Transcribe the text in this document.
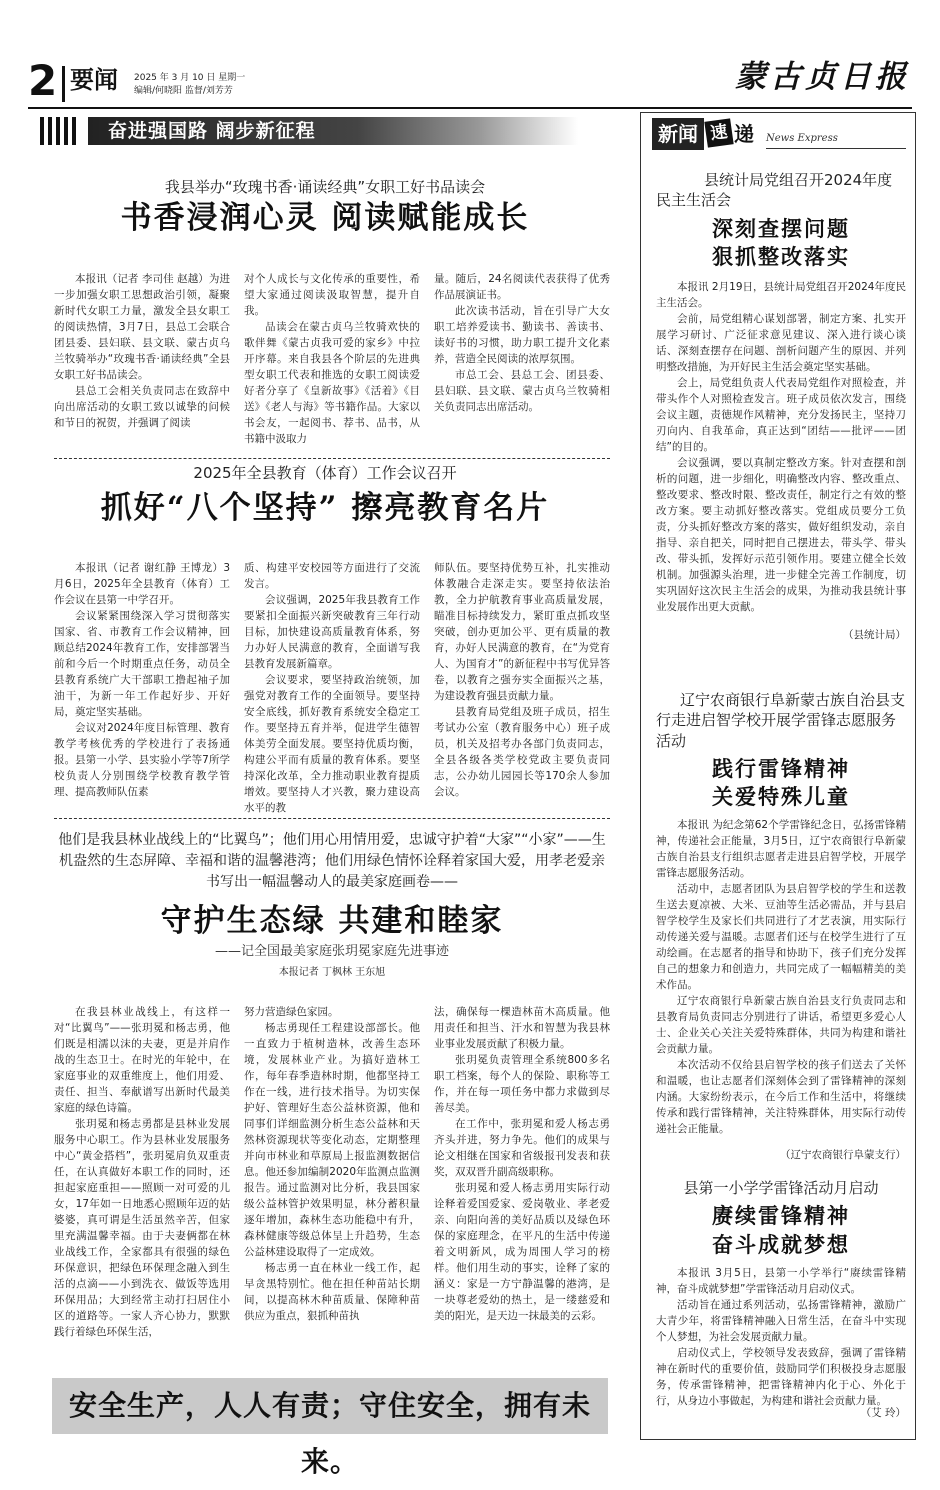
2 要闻 2025 年 3 月 10 日 星期一
编辑/何晓阳 监督/刘芳芳	蒙古贞日报
奋进强国路 阔步新征程
我县举办“玫瑰书香·诵读经典”女职工好书品读会
书香浸润心灵 阅读赋能成长

本报讯（记者 李司佳 赵越）为进一步加强女职工思想政治引领，凝聚新时代女职工力量，激发全县女职工的阅读热情，3月7日，县总工会联合团县委、县妇联、县文联、蒙古贞乌兰牧骑举办“玫瑰书香·诵读经典”全县女职工好书品读会。

县总工会相关负责同志在致辞中向出席活动的女职工致以诚挚的问候和节日的祝贺，并强调了阅读

对个人成长与文化传承的重要性，希望大家通过阅读汲取智慧，提升自我。

品读会在蒙古贞乌兰牧骑欢快的歌伴舞《蒙古贞我可爱的家乡》中拉开序幕。来自我县各个阶层的先进典型女职工代表和推选的女职工阅读爱好者分享了《皇新故事》《活着》《目送》《老人与海》等书籍作品。大家以书会友，一起阅书、荐书、品书，从书籍中汲取力

量。随后，24名阅读代表获得了优秀作品展演证书。

此次读书活动，旨在引导广大女职工培养爱读书、勤读书、善读书、读好书的习惯，助力职工提升文化素养，营造全民阅读的浓厚氛围。

市总工会、县总工会、团县委、县妇联、县文联、蒙古贞乌兰牧骑相关负责同志出席活动。

2025年全县教育（体育）工作会议召开
抓好“八个坚持” 擦亮教育名片

本报讯（记者 谢红静 王博龙）3月6日，2025年全县教育（体育）工作会议在县第一中学召开。

会议紧紧围绕深入学习贯彻落实国家、省、市教育工作会议精神，回顾总结2024年教育工作，安排部署当前和今后一个时期重点任务，动员全县教育系统广大干部职工撸起袖子加油干，为新一年工作起好步、开好局，奠定坚实基础。

会议对2024年度目标管理、教育教学考核优秀的学校进行了表扬通报。县第一小学、县实验小学等7所学校负责人分别围绕学校教育教学管理、提高教师队伍素

质、构建平安校园等方面进行了交流发言。

会议强调，2025年我县教育工作要紧扣全面振兴新突破教育三年行动目标，加快建设高质量教育体系，努力办好人民满意的教育，全面谱写我县教育发展新篇章。

会议要求，要坚持政治统领，加强党对教育工作的全面领导。要坚持安全底线，抓好教育系统安全稳定工作。要坚持五育并举，促进学生德智体美劳全面发展。要坚持优质均衡，构建公平而有质量的教育体系。要坚持深化改革，全力推动职业教育提质增效。要坚持人才兴教，聚力建设高水平的教

师队伍。要坚持优势互补，扎实推动体教融合走深走实。要坚持依法治教，全力护航教育事业高质量发展，瞄准目标持续发力，紧盯重点抓攻坚突破，创办更加公平、更有质量的教育，办好人民满意的教育，在“为党育人、为国育才”的新征程中书写优异答卷，以教育之强夯实全面振兴之基，为建设教育强县贡献力量。

县教育局党组及班子成员，招生考试办公室（教育服务中心）班子成员，机关及招考办各部门负责同志，全县各级各类学校党政主要负责同志，公办幼儿园园长等170余人参加会议。

他们是我县林业战线上的“比翼鸟”；他们用心用情用爱，忠诚守护着“大家”“小家”——生机盎然的生态屏障、幸福和谐的温馨港湾；他们用绿色情怀诠释着家国大爱，用孝老爱亲书写出一幅温馨动人的最美家庭画卷——
守护生态绿 共建和睦家
——记全国最美家庭张玥冕家庭先进事迹
本报记者 丁枫林 王东旭

在我县林业战线上，有这样一对“比翼鸟”——张玥冕和杨志勇，他们既是相濡以沫的夫妻，更是并肩作战的生态卫士。在时光的年轮中，在家庭事业的双重维度上，他们用爱、责任、担当、奉献谱写出新时代最美家庭的绿色诗篇。

张玥冕和杨志勇都是县林业发展服务中心职工。作为县林业发展服务中心“黄金搭档”，张玥冕肩负双重责任，在认真做好本职工作的同时，还担起家庭重担——照顾一对可爱的儿女，17年如一日地悉心照顾年迈的姑婆婆，真可谓是生活虽然辛苦，但家里充满温馨幸福。由于夫妻俩都在林业战线工作，全家都具有很强的绿色环保意识，把绿色环保理念融入到生活的点滴——小到洗衣、做饭等选用环保用品；大到经常主动打扫居住小区的道路等。一家人齐心协力，默默践行着绿色环保生活，

努力营造绿色家园。

杨志勇现任工程建设部部长。他一直致力于植树造林，改善生态环境，发展林业产业。为搞好造林工作，每年春季造林时期，他都坚持工作在一线，进行技术指导。为切实保护好、管理好生态公益林资源，他和同事们详细监测分析生态公益林和天然林资源现状等变化动态，定期整理并向市林业和草原局上报监测数据信息。他还参加编制2020年监测点监测报告。通过监测对比分析，我县国家级公益林管护效果明显，林分蓄积量逐年增加，森林生态功能稳中有升，森林健康等级总体呈上升趋势，生态公益林建设取得了一定成效。

杨志勇一直在林业一线工作，起早贪黑特别忙。他在担任种苗站长期间，以提高林木种苗质量、保障种苗供应为重点，狠抓种苗执

法，确保每一棵造林苗木高质量。他用责任和担当、汗水和智慧为我县林业事业发展贡献了积极力量。

张玥冕负责管理全系统800多名职工档案，每个人的保险、职称等工作，并在每一项任务中都力求做到尽善尽美。

在工作中，张玥冕和爱人杨志勇齐头并进，努力争先。他们的成果与论文相继在国家和省级报刊发表和获奖，双双晋升副高级职称。

张玥冕和爱人杨志勇用实际行动诠释着爱国爱家、爱岗敬业、孝老爱亲、向阳向善的美好品质以及绿色环保的家庭理念，在平凡的生活中传递着文明新风，成为周围人学习的榜样。他们用生动的事实，诠释了家的涵义：家是一方宁静温馨的港湾，是一块尊老爱幼的热土，是一缕慈爱和美的阳光，是天边一抹最美的云彩。

安全生产，人人有责；守住安全，拥有未来。
新闻 速 递 News Express
县统计局党组召开2024年度民主生活会
深刻查摆问题
狠抓整改落实

本报讯 2月19日，县统计局党组召开2024年度民主生活会。

会前，局党组精心谋划部署，制定方案、扎实开展学习研讨、广泛征求意见建议、深入进行谈心谈话、深刻查摆存在问题、剖析问题产生的原因、并列明整改措施，为开好民主生活会奠定坚实基础。

会上，局党组负责人代表局党组作对照检查，并带头作个人对照检查发言。班子成员依次发言，围绕会议主题，责徳规作风精神，充分发扬民主，坚持刀刃向内、自我革命，真正达到“团结——批评——团结”的目的。

会议强调，要以真制定整改方案。针对查摆和剖析的问题，进一步细化，明确整改内容、整改重点、整改要求、整改时限、整改责任，制定行之有效的整改方案。要主动抓好整改落实。党组成员要分工负责，分头抓好整改方案的落实，做好组织发动，亲自指导、亲自把关，同时把自己摆进去，带头学、带头改、带头抓，发挥好示范引领作用。要建立健全长效机制。加强源头治理，进一步健全完善工作制度，切实巩固好这次民主生活会的成果，为推动我县统计事业发展作出更大贡献。

（县统计局）
辽宁农商银行阜新蒙古族自治县支行走进启智学校开展学雷锋志愿服务活动
践行雷锋精神
关爱特殊儿童

本报讯 为纪念第62个学雷锋纪念日，弘扬雷锋精神，传递社会正能量，3月5日，辽宁农商银行阜新蒙古族自治县支行组织志愿者走进县启智学校，开展学雷锋志愿服务活动。

活动中，志愿者团队为县启智学校的学生和送教生送去夏凉被、大米、豆油等生活必需品，并与县启智学校学生及家长们共同进行了才艺表演，用实际行动传递关爱与温暖。志愿者们还与在校学生进行了互动绘画。在志愿者的指导和协助下，孩子们充分发挥自己的想象力和创造力，共同完成了一幅幅精美的美术作品。

辽宁农商银行阜新蒙古族自治县支行负责同志和县教育局负责同志分别进行了讲话，希望更多爱心人士、企业关心关注关爱特殊群体，共同为构建和谐社会贡献力量。

本次活动不仅给县启智学校的孩子们送去了关怀和温暖，也让志愿者们深刻体会到了雷锋精神的深刻内涵。大家纷纷表示，在今后工作和生活中，将继续传承和践行雷锋精神，关注特殊群体，用实际行动传递社会正能量。

（辽宁农商银行阜蒙支行）
县第一小学学雷锋活动月启动
赓续雷锋精神
奋斗成就梦想

本报讯 3月5日，县第一小学举行“赓续雷锋精神，奋斗成就梦想”学雷锋活动月启动仪式。

活动旨在通过系列活动，弘扬雷锋精神，激励广大青少年，将雷锋精神融入日常生活，在奋斗中实现个人梦想，为社会发展贡献力量。

启动仪式上，学校领导发表致辞，强调了雷锋精神在新时代的重要价值，鼓励同学们积极投身志愿服务，传承雷锋精神，把雷锋精神内化于心、外化于行，从身边小事做起，为构建和谐社会贡献力量。

（艾 玲）
